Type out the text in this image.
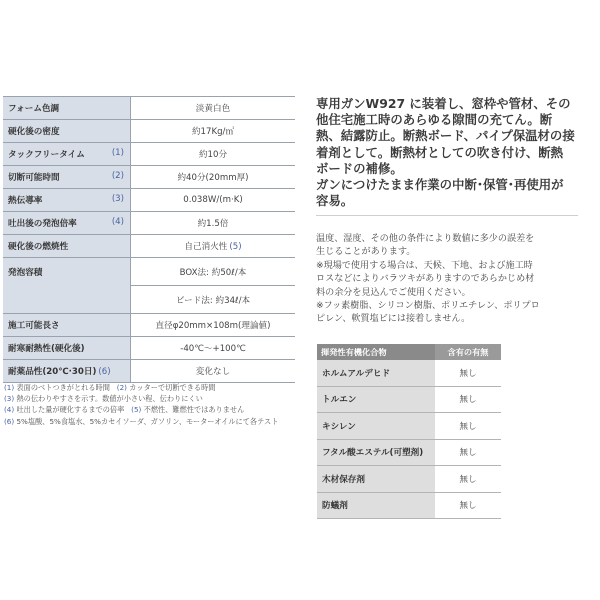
フォーム色調	淡黄白色
硬化後の密度	約17Kg/㎥
タックフリータイム (1)	約10分
切断可能時間 (2)	約40分(20mm厚)
熱伝導率 (3)	0.038W/(m·K)
吐出後の発泡倍率 (4)	約1.5倍
硬化後の燃焼性	自己消火性 (5)
発泡容積	BOX法: 約50ℓ/本
	ビード法: 約34ℓ/本
施工可能長さ	直径φ20mm×108m(理論値)
耐寒耐熱性(硬化後)	-40℃〜+100℃
耐薬品性(20℃·30日) (6)	変化なし
(1) 表面のベトつきがとれる時間 (2) カッターで切断できる時間
(3) 熱の伝わりやすさを示す。数値が小さい程、伝わりにくい
(4) 吐出した量が硬化するまでの倍率 (5) 不燃性、難燃性ではありません
(6) 5%塩酸、5%食塩水、5%カセイソーダ、ガソリン、モーターオイルにて各テスト
専用ガンW927 に装着し、窓枠や管材、その
他住宅施工時のあらゆる隙間の充てん。断
熱、結露防止。断熱ボード、パイプ保温材の接
着剤として。断熱材としての吹き付け、断熱
ボードの補修。
ガンにつけたまま作業の中断･保管･再使用が
容易。
温度、湿度、その他の条件により数値に多少の誤差を
生じることがあります。
※現場で使用する場合は、天候、下地、および施工時
ロスなどによりバラツキがありますのであらかじめ材
料の余分を見込んでご使用ください。
※フッ素樹脂、シリコン樹脂、ポリエチレン、ポリプロ
ピレン、軟質塩ビには接着しません。
揮発性有機化合物	含有の有無
ホルムアルデヒド	無し
トルエン	無し
キシレン	無し
フタル酸エステル(可塑剤)	無し
木材保存剤	無し
防蟻剤	無し
